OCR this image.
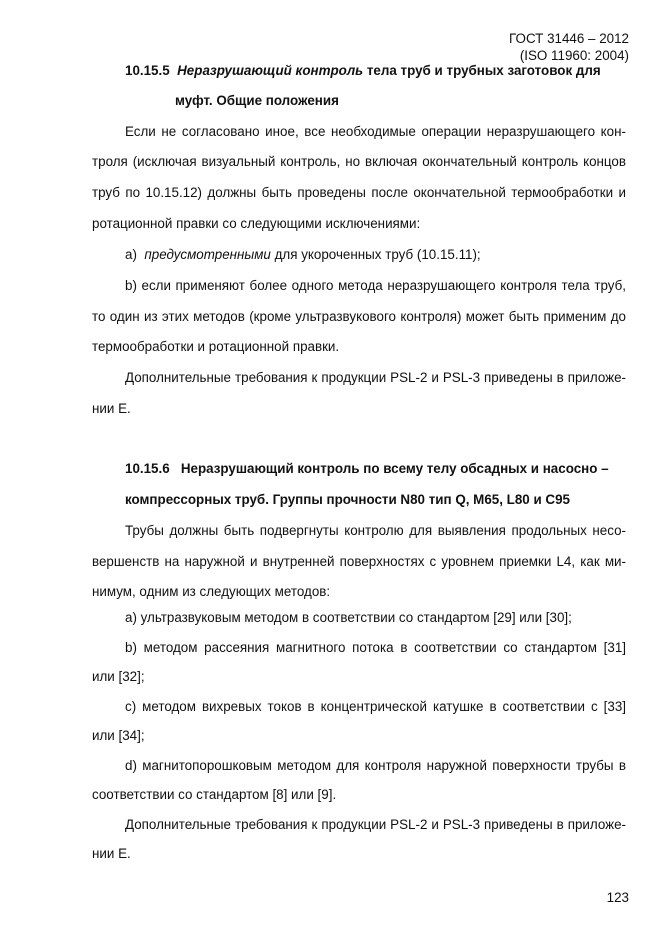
ГОСТ 31446 – 2012
(ISO 11960: 2004)
10.15.5 Неразрушающий контроль тела труб и трубных заготовок для
муфт. Общие положения
Если не согласовано иное, все необходимые операции неразрушающего кон-
троля (исключая визуальный контроль, но включая окончательный контроль концов
труб по 10.15.12) должны быть проведены после окончательной термообработки и
ротационной правки со следующими исключениями:
a) предусмотренными для укороченных труб (10.15.11);
b) если применяют более одного метода неразрушающего контроля тела труб,
то один из этих методов (кроме ультразвукового контроля) может быть применим до
термообработки и ротационной правки.
Дополнительные требования к продукции PSL-2 и PSL-3 приведены в приложе-
нии E.
10.15.6 Неразрушающий контроль по всему телу обсадных и насосно –
компрессорных труб. Группы прочности N80 тип Q, M65, L80 и C95
Трубы должны быть подвергнуты контролю для выявления продольных несо-
вершенств на наружной и внутренней поверхностях с уровнем приемки L4, как ми-
нимум, одним из следующих методов:
a) ультразвуковым методом в соответствии со стандартом [29] или [30];
b) методом рассеяния магнитного потока в соответствии со стандартом [31]
или [32];
c) методом вихревых токов в концентрической катушке в соответствии с [33]
или [34];
d) магнитопорошковым методом для контроля наружной поверхности трубы в
соответствии со стандартом [8] или [9].
Дополнительные требования к продукции PSL-2 и PSL-3 приведены в приложе-
нии E.
123
